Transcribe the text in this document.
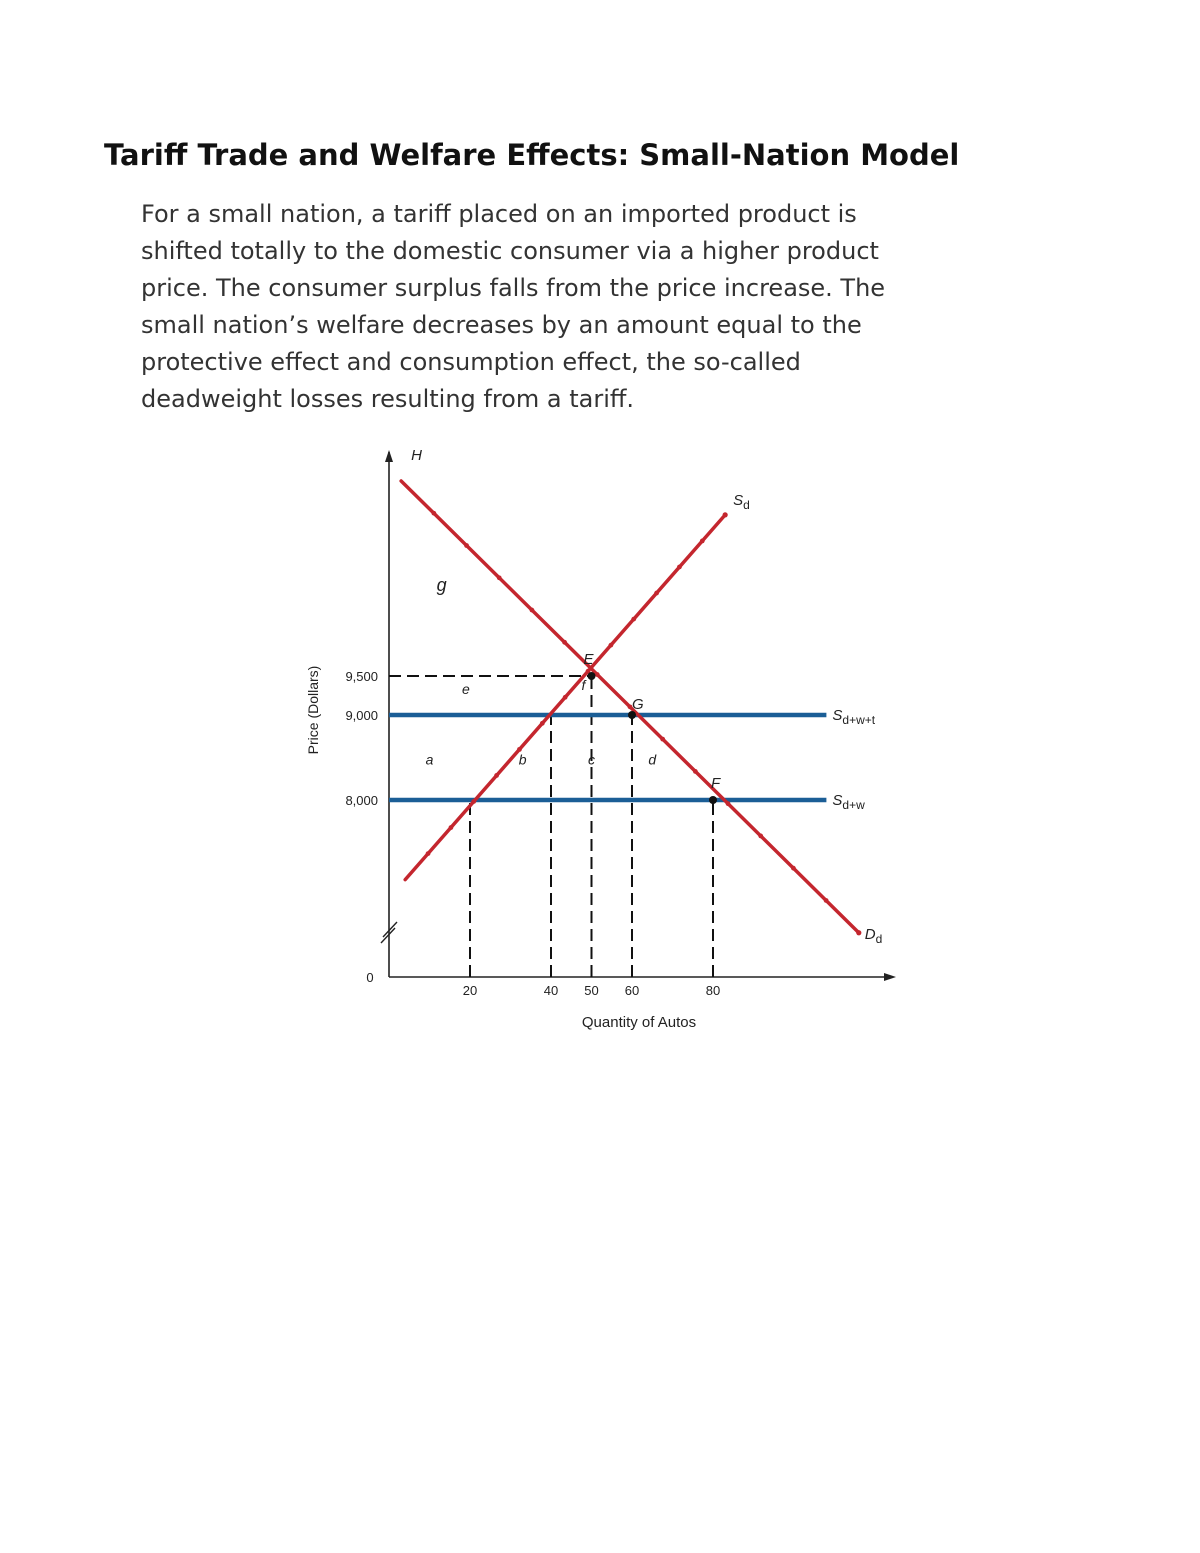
Tariff Trade and Welfare Effects: Small-Nation Model
For a small nation, a tariff placed on an imported product is
shifted totally to the domestic consumer via a higher product
price. The consumer surplus falls from the price increase. The
small nation’s welfare decreases by an amount equal to the
protective effect and consumption effect, the so-called
deadweight losses resulting from a tariff.
$D_d$
$S_d$
$S_{d+w+t}$
$S_{d+w}$
E
G
F
H
g
e	f
a	b	c	d
20	40 50 60	80
0
8,000
9,000
9,500
Quantity of Autos
Price (Dollars)
